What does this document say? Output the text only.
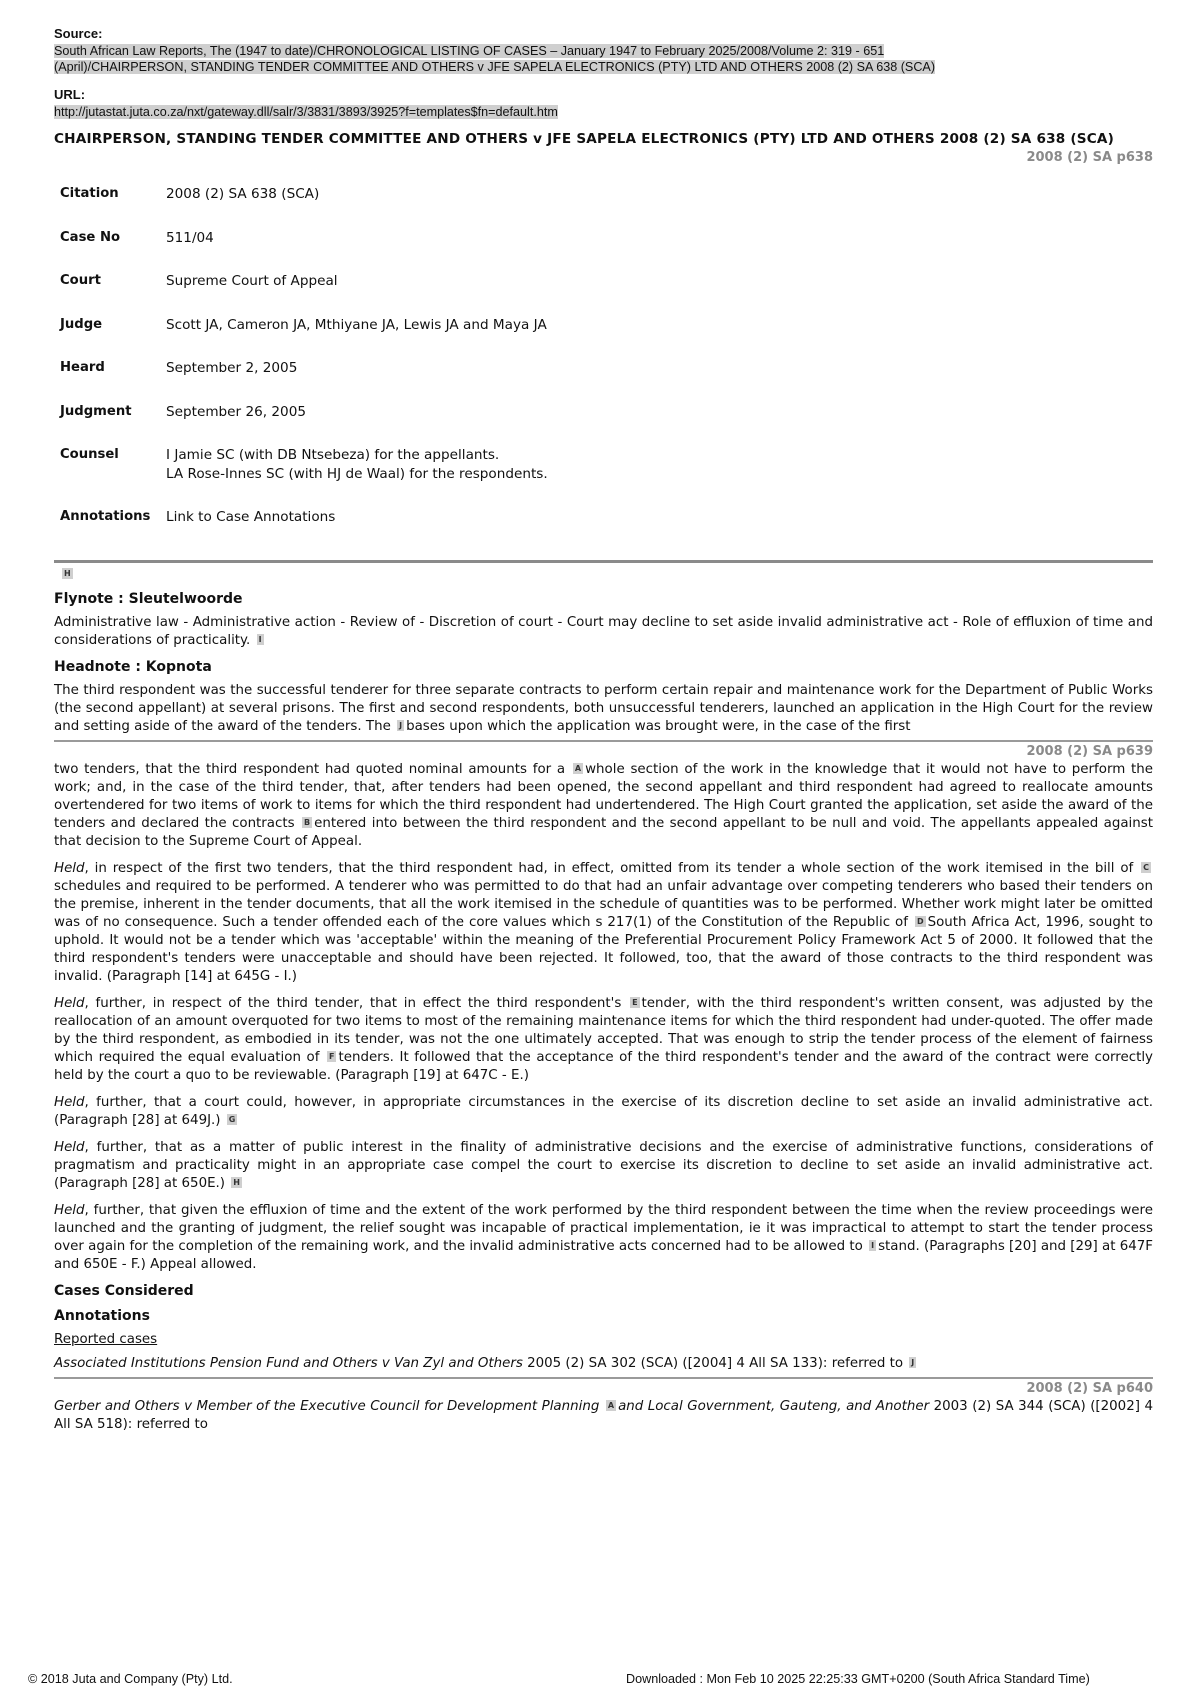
Source:
South African Law Reports, The (1947 to date)/CHRONOLOGICAL LISTING OF CASES – January 1947 to February 2025/2008/Volume 2: 319 - 651
(April)/CHAIRPERSON, STANDING TENDER COMMITTEE AND OTHERS v JFE SAPELA ELECTRONICS (PTY) LTD AND OTHERS 2008 (2) SA 638 (SCA)
URL:
http://jutastat.juta.co.za/nxt/gateway.dll/salr/3/3831/3893/3925?f=templates$fn=default.htm
CHAIRPERSON, STANDING TENDER COMMITTEE AND OTHERS v JFE SAPELA ELECTRONICS (PTY) LTD AND OTHERS 2008 (2) SA 638 (SCA)
2008 (2) SA p638
Citation	2008 (2) SA 638 (SCA)
Case No	511/04
Court	Supreme Court of Appeal
Judge	Scott JA, Cameron JA, Mthiyane JA, Lewis JA and Maya JA
Heard	September 2, 2005
Judgment	September 26, 2005
Counsel	I Jamie SC (with DB Ntsebeza) for the appellants.
LA Rose-Innes SC (with HJ de Waal) for the respondents.
Annotations	Link to Case Annotations
H
Flynote : Sleutelwoorde

Administrative law - Administrative action - Review of - Discretion of court - Court may decline to set aside invalid administrative act - Role of effluxion of time and considerations of practicality. I

Headnote : Kopnota

The third respondent was the successful tenderer for three separate contracts to perform certain repair and maintenance work for the Department of Public Works (the second appellant) at several prisons. The first and second respondents, both unsuccessful tenderers, launched an application in the High Court for the review and setting aside of the award of the tenders. The J bases upon which the application was brought were, in the case of the first

2008 (2) SA p639

two tenders, that the third respondent had quoted nominal amounts for a A whole section of the work in the knowledge that it would not have to perform the work; and, in the case of the third tender, that, after tenders had been opened, the second appellant and third respondent had agreed to reallocate amounts overtendered for two items of work to items for which the third respondent had undertendered. The High Court granted the application, set aside the award of the tenders and declared the contracts B entered into between the third respondent and the second appellant to be null and void. The appellants appealed against that decision to the Supreme Court of Appeal.

Held, in respect of the first two tenders, that the third respondent had, in effect, omitted from its tender a whole section of the work itemised in the bill of Cschedules and required to be performed. A tenderer who was permitted to do that had an unfair advantage over competing tenderers who based their tenders on the premise, inherent in the tender documents, that all the work itemised in the schedule of quantities was to be performed. Whether work might later be omitted was of no consequence. Such a tender offended each of the core values which s 217(1) of the Constitution of the Republic of D South Africa Act, 1996, sought to uphold. It would not be a tender which was 'acceptable' within the meaning of the Preferential Procurement Policy Framework Act 5 of 2000. It followed that the third respondent's tenders were unacceptable and should have been rejected. It followed, too, that the award of those contracts to the third respondent was invalid. (Paragraph [14] at 645G - I.)

Held, further, in respect of the third tender, that in effect the third respondent's E tender, with the third respondent's written consent, was adjusted by the reallocation of an amount overquoted for two items to most of the remaining maintenance items for which the third respondent had under-quoted. The offer made by the third respondent, as embodied in its tender, was not the one ultimately accepted. That was enough to strip the tender process of the element of fairness which required the equal evaluation of F tenders. It followed that the acceptance of the third respondent's tender and the award of the contract were correctly held by the court a quo to be reviewable. (Paragraph [19] at 647C - E.)

Held, further, that a court could, however, in appropriate circumstances in the exercise of its discretion decline to set aside an invalid administrative act. (Paragraph [28] at 649J.) G

Held, further, that as a matter of public interest in the finality of administrative decisions and the exercise of administrative functions, considerations of pragmatism and practicality might in an appropriate case compel the court to exercise its discretion to decline to set aside an invalid administrative act. (Paragraph [28] at 650E.) H

Held, further, that given the effluxion of time and the extent of the work performed by the third respondent between the time when the review proceedings were launched and the granting of judgment, the relief sought was incapable of practical implementation, ie it was impractical to attempt to start the tender process over again for the completion of the remaining work, and the invalid administrative acts concerned had to be allowed to I stand. (Paragraphs [20] and [29] at 647F and 650E - F.) Appeal allowed.

Cases Considered
Annotations

Reported cases

Associated Institutions Pension Fund and Others v Van Zyl and Others 2005 (2) SA 302 (SCA) ([2004] 4 All SA 133): referred to J

2008 (2) SA p640

Gerber and Others v Member of the Executive Council for Development Planning A and Local Government, Gauteng, and Another 2003 (2) SA 344 (SCA) ([2002] 4 All SA 518): referred to

© 2018 Juta and Company (Pty) Ltd.	Downloaded : Mon Feb 10 2025 22:25:33 GMT+0200 (South Africa Standard Time)
